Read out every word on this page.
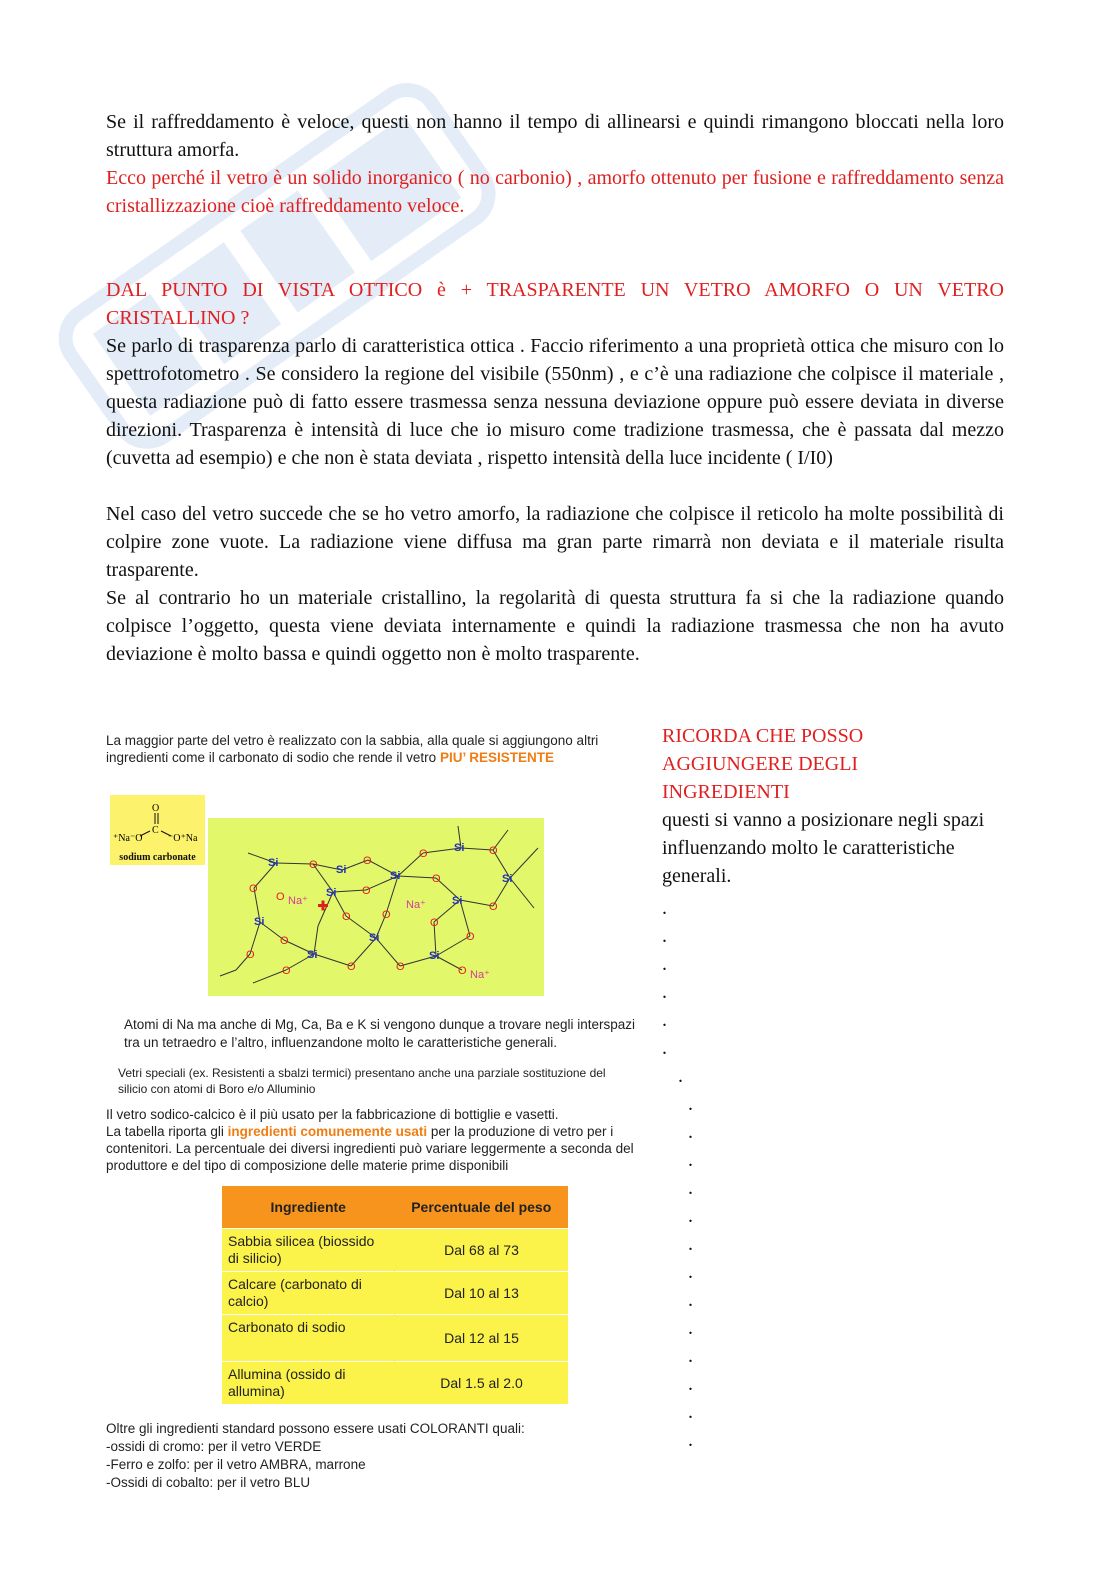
Se il raffreddamento è veloce, questi non hanno il tempo di allinearsi e quindi rimangono bloccati nella loro struttura amorfa.

Ecco perché il vetro è un solido inorganico ( no carbonio) , amorfo ottenuto per fusione e raffreddamento senza cristallizzazione cioè raffreddamento veloce.

DAL PUNTO DI VISTA OTTICO è + TRASPARENTE UN VETRO AMORFO O UN VETRO CRISTALLINO ?

Se parlo di trasparenza parlo di caratteristica ottica . Faccio riferimento a una proprietà ottica che misuro con lo spettrofotometro . Se considero la regione del visibile (550nm) , e c’è una radiazione che colpisce il materiale , questa radiazione può di fatto essere trasmessa senza nessuna deviazione oppure può essere deviata in diverse direzioni. Trasparenza è intensità di luce che io misuro come tradizione trasmessa, che è passata dal mezzo (cuvetta ad esempio) e che non è stata deviata , rispetto intensità della luce incidente ( I/I0)

Nel caso del vetro succede che se ho vetro amorfo, la radiazione che colpisce il reticolo ha molte possibilità di colpire zone vuote. La radiazione viene diffusa ma gran parte rimarrà non deviata e il materiale risulta trasparente.

Se al contrario ho un materiale cristallino, la regolarità di questa struttura fa si che la radiazione quando colpisce l’oggetto, questa viene deviata internamente e quindi la radiazione trasmessa che non ha avuto deviazione è molto bassa e quindi oggetto non è molto trasparente.

La maggior parte del vetro è realizzato con la sabbia, alla quale si aggiungono altri ingredienti come il carbonato di sodio che rende il vetro PIU’ RESISTENTE
O
C
⁺Na⁻O	⁻O⁺Na
sodium carbonate	Si
Si	Si
Si
Si
Si
Si
Si
Si
Si	Si
O	O
O	O
O
O
O
O
O
O
O
O
O
O
O
O	O	O	O
Na⁺	Na⁺
Na⁺
Atomi di Na ma anche di Mg, Ca, Ba e K si vengono dunque a trovare negli interspazi tra un tetraedro e l’altro, influenzandone molto le caratteristiche generali.
Vetri speciali (ex. Resistenti a sbalzi termici) presentano anche una parziale sostituzione del silicio con atomi di Boro e/o Alluminio
Il vetro sodico-calcico è il più usato per la fabbricazione di bottiglie e vasetti.
La tabella riporta gli ingredienti comunemente usati per la produzione di vetro per i contenitori. La percentuale dei diversi ingredienti può variare leggermente a seconda del produttore e del tipo di composizione delle materie prime disponibili
Ingrediente	Percentuale del peso
Sabbia silicea (biossido di silicio)	Dal 68 al 73
Calcare (carbonato di calcio)	Dal 10 al 13
Carbonato di sodio	Dal 12 al 15
Allumina (ossido di allumina)	Dal 1.5 al 2.0
Oltre gli ingredienti standard possono essere usati COLORANTI quali:
-ossidi di cromo: per il vetro VERDE
-Ferro e zolfo: per il vetro AMBRA, marrone
-Ossidi di cobalto: per il vetro BLU
RICORDA CHE POSSO AGGIUNGERE DEGLI INGREDIENTI
questi si vanno a posizionare negli spazi influenzando molto le caratteristiche generali.
.
.
.
.
.
.
.
.
.
.
.
.
.
.
.
.
.
.
.
.
